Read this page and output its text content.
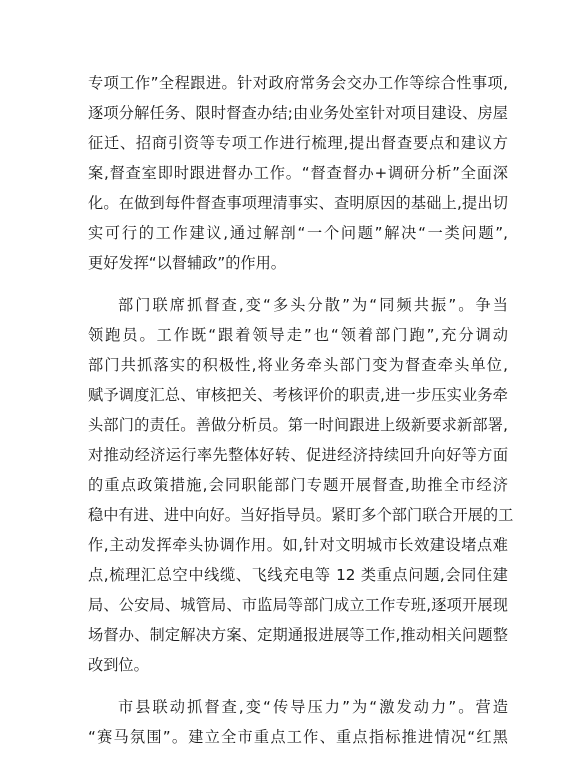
专项工作”全程跟进。针对政府常务会交办工作等综合性事项,
逐项分解任务、限时督查办结;由业务处室针对项目建设、房屋
征迁、招商引资等专项工作进行梳理,提出督查要点和建议方
案,督查室即时跟进督办工作。“督查督办+调研分析”全面深
化。在做到每件督查事项理清事实、查明原因的基础上,提出切
实可行的工作建议,通过解剖“一个问题”解决“一类问题”,
更好发挥“以督辅政”的作用。
部门联席抓督查,变“多头分散”为“同频共振”。争当
领跑员。工作既“跟着领导走”也“领着部门跑”,充分调动
部门共抓落实的积极性,将业务牵头部门变为督查牵头单位,
赋予调度汇总、审核把关、考核评价的职责,进一步压实业务牵
头部门的责任。善做分析员。第一时间跟进上级新要求新部署,
对推动经济运行率先整体好转、促进经济持续回升向好等方面
的重点政策措施,会同职能部门专题开展督查,助推全市经济
稳中有进、进中向好。当好指导员。紧盯多个部门联合开展的工
作,主动发挥牵头协调作用。如,针对文明城市长效建设堵点难
点,梳理汇总空中线缆、飞线充电等 12 类重点问题,会同住建
局、公安局、城管局、市监局等部门成立工作专班,逐项开展现
场督办、制定解决方案、定期通报进展等工作,推动相关问题整
改到位。
市县联动抓督查,变“传导压力”为“激发动力”。营造
“赛马氛围”。建立全市重点工作、重点指标推进情况“红黑
